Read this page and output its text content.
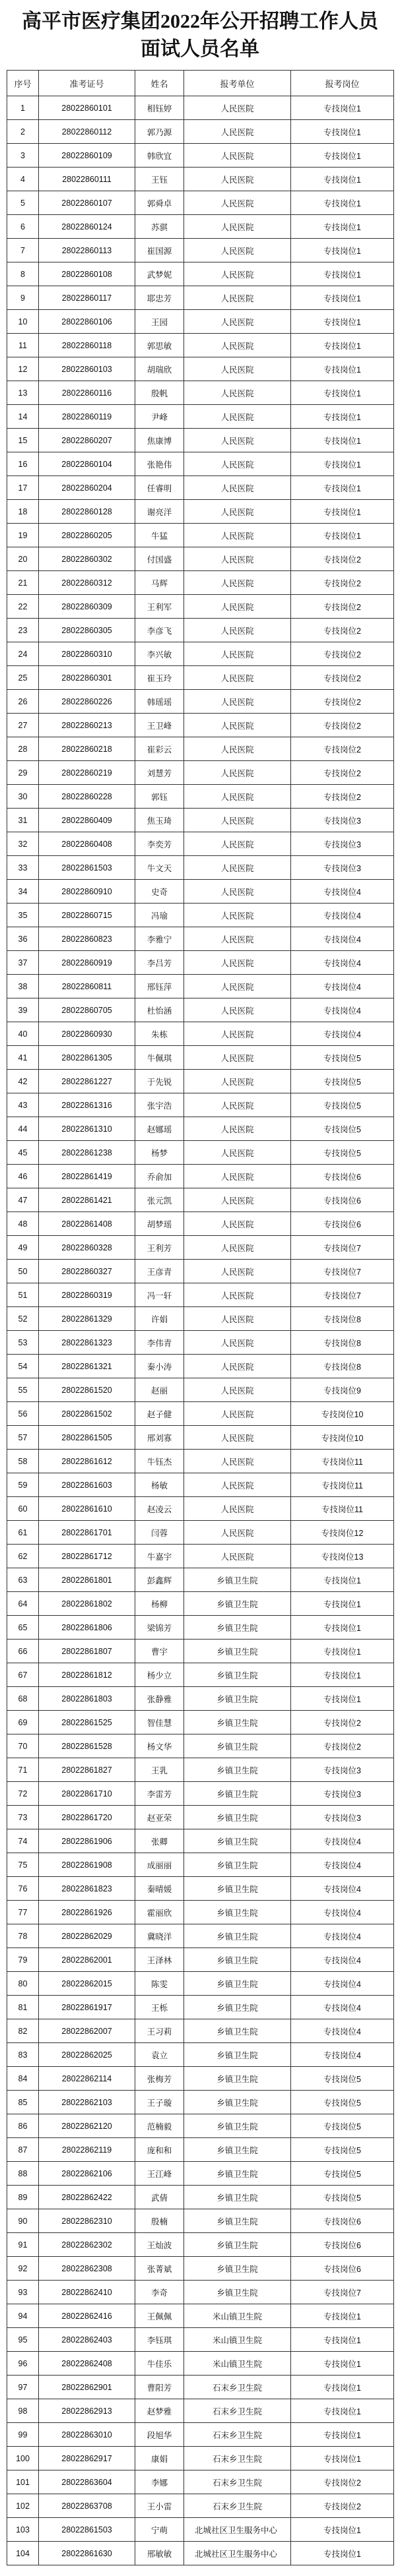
高平市医疗集团2022年公开招聘工作人员
面试人员名单
序号	准考证号	姓名	报考单位	报考岗位
1	28022860101	相钰婷	人民医院	专技岗位1
2	28022860112	郭乃源	人民医院	专技岗位1
3	28022860109	韩欣宜	人民医院	专技岗位1
4	28022860111	王钰	人民医院	专技岗位1
5	28022860107	郭舜卓	人民医院	专技岗位1
6	28022860124	苏骐	人民医院	专技岗位1
7	28022860113	崔国源	人民医院	专技岗位1
8	28022860108	武梦妮	人民医院	专技岗位1
9	28022860117	耶忠芳	人民医院	专技岗位1
10	28022860106	王园	人民医院	专技岗位1
11	28022860118	郭思敏	人民医院	专技岗位1
12	28022860103	胡瑞欣	人民医院	专技岗位1
13	28022860116	殷帆	人民医院	专技岗位1
14	28022860119	尹峰	人民医院	专技岗位1
15	28022860207	焦康博	人民医院	专技岗位1
16	28022860104	张艳伟	人民医院	专技岗位1
17	28022860204	任睿明	人民医院	专技岗位1
18	28022860128	谢亮洋	人民医院	专技岗位1
19	28022860205	牛猛	人民医院	专技岗位1
20	28022860302	付国盛	人民医院	专技岗位2
21	28022860312	马辉	人民医院	专技岗位2
22	28022860309	王利军	人民医院	专技岗位2
23	28022860305	李彦飞	人民医院	专技岗位2
24	28022860310	李兴敏	人民医院	专技岗位2
25	28022860301	崔玉玲	人民医院	专技岗位2
26	28022860226	韩瑶瑶	人民医院	专技岗位2
27	28022860213	王卫峰	人民医院	专技岗位2
28	28022860218	崔彩云	人民医院	专技岗位2
29	28022860219	刘慧芳	人民医院	专技岗位2
30	28022860228	郭钰	人民医院	专技岗位2
31	28022860409	焦玉琦	人民医院	专技岗位3
32	28022860408	李奕芳	人民医院	专技岗位3
33	28022861503	牛文天	人民医院	专技岗位3
34	28022860910	史奇	人民医院	专技岗位4
35	28022860715	冯瑜	人民医院	专技岗位4
36	28022860823	李雅宁	人民医院	专技岗位4
37	28022860919	李吕芳	人民医院	专技岗位4
38	28022860811	邢钰萍	人民医院	专技岗位4
39	28022860705	杜怡涵	人民医院	专技岗位4
40	28022860930	朱栋	人民医院	专技岗位4
41	28022861305	牛佩琪	人民医院	专技岗位5
42	28022861227	于先锐	人民医院	专技岗位5
43	28022861316	张宇浩	人民医院	专技岗位5
44	28022861310	赵娜瑶	人民医院	专技岗位5
45	28022861238	杨梦	人民医院	专技岗位5
46	28022861419	乔俞加	人民医院	专技岗位6
47	28022861421	张元凯	人民医院	专技岗位6
48	28022861408	胡梦瑶	人民医院	专技岗位6
49	28022860328	王利芳	人民医院	专技岗位7
50	28022860327	王彦青	人民医院	专技岗位7
51	28022860319	冯一轩	人民医院	专技岗位7
52	28022861329	许娟	人民医院	专技岗位8
53	28022861323	李伟青	人民医院	专技岗位8
54	28022861321	秦小涛	人民医院	专技岗位8
55	28022861520	赵丽	人民医院	专技岗位9
56	28022861502	赵子健	人民医院	专技岗位10
57	28022861505	邢刘寡	人民医院	专技岗位10
58	28022861612	牛钰杰	人民医院	专技岗位11
59	28022861603	杨敏	人民医院	专技岗位11
60	28022861610	赵凌云	人民医院	专技岗位11
61	28022861701	闫蓉	人民医院	专技岗位12
62	28022861712	牛嘉宇	人民医院	专技岗位13
63	28022861801	彭鑫辉	乡镇卫生院	专技岗位1
64	28022861802	杨柳	乡镇卫生院	专技岗位1
65	28022861806	梁锦芳	乡镇卫生院	专技岗位1
66	28022861807	曹宇	乡镇卫生院	专技岗位1
67	28022861812	杨少立	乡镇卫生院	专技岗位1
68	28022861803	张静雅	乡镇卫生院	专技岗位1
69	28022861525	智佳慧	乡镇卫生院	专技岗位2
70	28022861528	杨文华	乡镇卫生院	专技岗位2
71	28022861827	王乳	乡镇卫生院	专技岗位3
72	28022861710	李雷芳	乡镇卫生院	专技岗位3
73	28022861720	赵亚荣	乡镇卫生院	专技岗位3
74	28022861906	张卿	乡镇卫生院	专技岗位4
75	28022861908	成丽丽	乡镇卫生院	专技岗位4
76	28022861823	秦晴媛	乡镇卫生院	专技岗位4
77	28022861926	霍丽欣	乡镇卫生院	专技岗位4
78	28022862029	冀晓洋	乡镇卫生院	专技岗位4
79	28022862001	王泽林	乡镇卫生院	专技岗位4
80	28022862015	陈雯	乡镇卫生院	专技岗位4
81	28022861917	王栎	乡镇卫生院	专技岗位4
82	28022862007	王习莉	乡镇卫生院	专技岗位4
83	28022862025	袁立	乡镇卫生院	专技岗位4
84	28022862114	张梅芳	乡镇卫生院	专技岗位5
85	28022862103	王子璇	乡镇卫生院	专技岗位5
86	28022862120	范楠毅	乡镇卫生院	专技岗位5
87	28022862119	庞和和	乡镇卫生院	专技岗位5
88	28022862106	王江峰	乡镇卫生院	专技岗位5
89	28022862422	武倩	乡镇卫生院	专技岗位5
90	28022862310	殷楠	乡镇卫生院	专技岗位6
91	28022862302	王灿波	乡镇卫生院	专技岗位6
92	28022862308	张菁斌	乡镇卫生院	专技岗位6
93	28022862410	李奇	乡镇卫生院	专技岗位7
94	28022862416	王佩佩	米山镇卫生院	专技岗位1
95	28022862403	李钰琪	米山镇卫生院	专技岗位1
96	28022862408	牛佳乐	米山镇卫生院	专技岗位1
97	28022862901	曹阳芳	石末乡卫生院	专技岗位1
98	28022862913	赵梦雅	石末乡卫生院	专技岗位1
99	28022863010	段旭华	石末乡卫生院	专技岗位1
100	28022862917	康娟	石末乡卫生院	专技岗位1
101	28022863604	李娜	石末乡卫生院	专技岗位2
102	28022863708	王小雷	石末乡卫生院	专技岗位2
103	28022861503	宁萌	北城社区卫生服务中心	专技岗位1
104	28022861630	邢敏敏	北城社区卫生服务中心	专技岗位1
